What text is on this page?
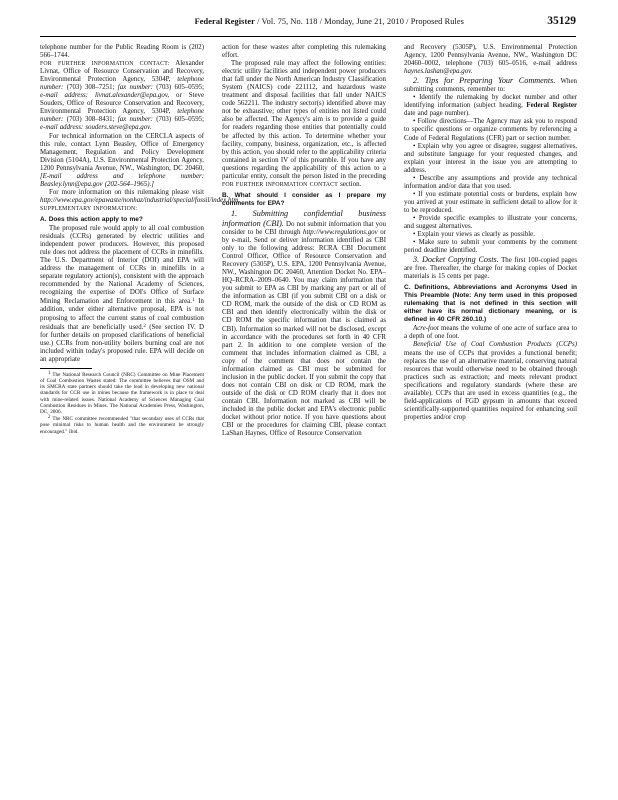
Federal Register / Vol. 75, No. 118 / Monday, June 21, 2010 / Proposed Rules	35129

telephone number for the Public Reading Room is (202) 566–1744.

FOR FURTHER INFORMATION CONTACT: Alexander Livnat, Office of Resource Conservation and Recovery, Environmental Protection Agency, 5304P, telephone number: (703) 308–7251; fax number: (703) 605–0595; e-mail address: livnat.alexander@epa.gov, or Steve Souders, Office of Resource Conservation and Recovery, Environmental Protection Agency, 5304P, telephone number: (703) 308–8431; fax number: (703) 605–0595; e-mail address: souders.steve@epa.gov.

For technical information on the CERCLA aspects of this rule, contact Lynn Beasley, Office of Emergency Management, Regulation and Policy Development Division (5104A), U.S. Environmental Protection Agency, 1200 Pennsylvania Avenue, NW., Washington, DC 20460, [E-mail address and telephone number: Beasley.lynn@epa.gov (202-564–1965).]

For more information on this rulemaking please visit http://www.epa.gov/epawaste/nonhaz/industrial/special/fossil/index.htm.

SUPPLEMENTARY INFORMATION:

A. Does this action apply to me?

The proposed rule would apply to all coal combustion residuals (CCRs) generated by electric utilities and independent power producers. However, this proposed rule does not address the placement of CCRs in minefills. The U.S. Department of Interior (DOI) and EPA will address the management of CCRs in minefills in a separate regulatory action(s), consistent with the approach recommended by the National Academy of Sciences, recognizing the expertise of DOI's Office of Surface Mining Reclamation and Enforcement in this area.$^1$ In addition, under either alternative proposal, EPA is not proposing to affect the current status of coal combustion residuals that are beneficially used.$^2$ (See section IV. D for further details on proposed clarifications of beneficial use.) CCRs from non-utility boilers burning coal are not included within today's proposed rule. EPA will decide on an appropriate

1 The National Research Council (NRC) Committee on Mine Placement of Coal Combustion Wastes stated: The committee believes that OSM and its SMCRA state partners should take the lead in developing new national standards for CCR use in mines because the framework is in place to deal with mine-related issues. National Academy of Sciences Managing Coal Combustion Residues in Mines. The National Academies Press, Washington, DC, 2006.

2 The NRC committee recommended "that secondary uses of CCRs that pose minimal risks to human health and the environment be strongly encouraged." Ibid.

action for these wastes after completing this rulemaking effort.

The proposed rule may affect the following entities: electric utility facilities and independent power producers that fall under the North American Industry Classification System (NAICS) code 221112, and hazardous waste treatment and disposal facilities that fall under NAICS code 562211. The industry sector(s) identified above may not be exhaustive; other types of entities not listed could also be affected. The Agency's aim is to provide a guide for readers regarding those entities that potentially could be affected by this action. To determine whether your facility, company, business, organization, etc., is affected by this action, you should refer to the applicability criteria contained in section IV of this preamble. If you have any questions regarding the applicability of this action to a particular entity, consult the person listed in the preceding FOR FURTHER INFORMATION CONTACT section.

B. What should I consider as I prepare my comments for EPA?

1. Submitting confidential business information (CBI). Do not submit information that you consider to be CBI through http://www.regulations.gov or by e-mail. Send or deliver information identified as CBI only to the following address: RCRA CBI Document Control Officer, Office of Resource Conservation and Recovery (5305P), U.S. EPA, 1200 Pennsylvania Avenue, NW., Washington DC 20460, Attention Docket No. EPA–HQ–RCRA–2009–0640. You may claim information that you submit to EPA as CBI by marking any part or all of the information as CBI (if you submit CBI on a disk or CD ROM, mark the outside of the disk or CD ROM as CBI and then identify electronically within the disk or CD ROM the specific information that is claimed as CBI). Information so marked will not be disclosed, except in accordance with the procedures set forth in 40 CFR part 2. In addition to one complete version of the comment that includes information claimed as CBI, a copy of the comment that does not contain the information claimed as CBI must be submitted for inclusion in the public docket. If you submit the copy that does not contain CBI on disk or CD ROM, mark the outside of the disk or CD ROM clearly that it does not contain CBI. Information not marked as CBI will be included in the public docket and EPA's electronic public docket without prior notice. If you have questions about CBI or the procedures for claiming CBI, please contact LaShan Haynes, Office of Resource Conservation

and Recovery (5305P), U.S. Environmental Protection Agency, 1200 Pennsylvania Avenue, NW., Washington DC 20460–0002, telephone (703) 605–0516, e-mail address haynes.lashan@epa.gov.

2. Tips for Preparing Your Comments. When submitting comments, remember to:

• Identify the rulemaking by docket number and other identifying information (subject heading, Federal Register date and page number).

• Follow directions—The Agency may ask you to respond to specific questions or organize comments by referencing a Code of Federal Regulations (CFR) part or section number.

• Explain why you agree or disagree, suggest alternatives, and substitute language for your requested changes, and explain your interest in the issue you are attempting to address.

• Describe any assumptions and provide any technical information and/or data that you used.

• If you estimate potential costs or burdens, explain how you arrived at your estimate in sufficient detail to allow for it to be reproduced.

• Provide specific examples to illustrate your concerns, and suggest alternatives.

• Explain your views as clearly as possible.

• Make sure to submit your comments by the comment period deadline identified.

3. Docket Copying Costs. The first 100-copied pages are free. Thereafter, the charge for making copies of Docket materials is 15 cents per page.

C. Definitions, Abbreviations and Acronyms Used in This Preamble (Note: Any term used in this proposed rulemaking that is not defined in this section will either have its normal dictionary meaning, or is defined in 40 CFR 260.10.)

Acre-foot means the volume of one acre of surface area to a depth of one foot.

Beneficial Use of Coal Combustion Products (CCPs) means the use of CCPs that provides a functional benefit; replaces the use of an alternative material, conserving natural resources that would otherwise need to be obtained through practices such as extraction; and meets relevant product specifications and regulatory standards (where these are available). CCPs that are used in excess quantities (e.g., the field-applications of FGD gypsum in amounts that exceed scientifically-supported quantities required for enhancing soil properties and/or crop
